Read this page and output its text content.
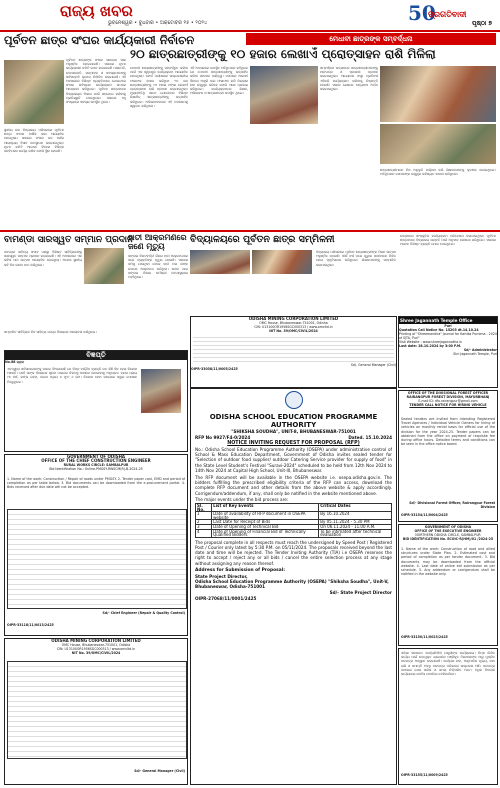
ରାଜ୍ୟ ଖବର
ଭୁବନେଶ୍ୱର • ବୁଧବାର • ଅକ୍ଟୋବର ୧୫ • ୨୦୨୪	50
ପ୍ରଗତିବାଦୀ
ପୃଷ୍ଠା ୭
ପୂର୍ବତନ ଛାତ୍ର ସଂଘର କାର୍ଯ୍ୟକାରୀ ନିର୍ବାଚନ
ପୂର୍ବତନ ଛାତ୍ରଙ୍କ ସଂଘର ସାଧାରଣ ସଭା ଅନୁଷ୍ଠିତ ହୋଇଯାଇଛି। ସଭାରେ ନୂତନ କାର୍ଯ୍ୟକାରୀ କମିଟି ଗଠନ କରାଯାଇଛି। ସଭାପତି, ଉପସଭାପତି, ସମ୍ପାଦକ ଓ ସଦସ୍ୟମାନଙ୍କୁ ସର୍ବସମ୍ମତି କ୍ରମେ ନିର୍ବାଚିତ କରାଯାଇଛି। ଏହି ଅବସରରେ ବିଶିଷ୍ଟ ବ୍ୟକ୍ତିମାନେ ଯୋଗଦେଇ ସଂଘର ଭବିଷ୍ୟତ କାର୍ଯ୍ୟକ୍ରମ ଉପରେ ଆଲୋଚନା କରିଥିଲେ। ପୂର୍ବତନ ଛାତ୍ରମାନେ ବିଦ୍ୟାଳୟର ବିକାଶ ପାଇଁ ସହଯୋଗ କରିବାକୁ ପ୍ରତିଶ୍ରୁତି ଦେଇଥିଲେ। ସଭାରେ ବହୁ ସଂଖ୍ୟାରେ ସଦସ୍ୟ ଉପସ୍ଥିତ ଥିଲେ।
ସ୍ଥାନୀୟ ଉଚ୍ଚ ବିଦ୍ୟାଳୟ ପରିସରରେ ପୂର୍ବତନ ଛାତ୍ର ସଂଘର ବାର୍ଷିକ ସଭା ଆୟୋଜିତ ହୋଇଥିଲା। ସଭାରେ ସଂଘର ଗତ ବର୍ଷର ଆୟବ୍ୟୟ ହିସାବ ଉପସ୍ଥାପନ କରାଯାଇଥିଲା। ନୂତନ କମିଟି ଆଗାମୀ ଦିନରେ ବିଭିନ୍ନ ଜନହିତକର କାର୍ଯ୍ୟ କରିବ ବୋଲି ସ୍ଥିର ହୋଇଛି।
ମେଧାବୀ ଛାତ୍ରଙ୍କ ସମ୍ବର୍ଦ୍ଧନା
୨୦ ଛାତ୍ରଛାତ୍ରୀଙ୍କୁ ୧୦ ହଜାର ଲେଖାଏଁ ପ୍ରୋତ୍ସାହନ ରାଶି ମିଳିଲା
ମେଧାବୀ ଛାତ୍ରଛାତ୍ରୀଙ୍କୁ ସମ୍ବର୍ଦ୍ଧିତ କରିବା ପାଇଁ ଏକ ସ୍ୱତନ୍ତ୍ର କାର୍ଯ୍ୟକ୍ରମ ଆୟୋଜିତ ହୋଇଥିଲା। ବୋର୍ଡ ପରୀକ୍ଷାରେ ଉଲ୍ଲେଖନୀୟ ଫଳାଫଳ ହାସଲ କରିଥିବା ୨୦ ଜଣ ଛାତ୍ରଛାତ୍ରୀଙ୍କୁ ୧୦ ହଜାର ଟଙ୍କା ଲେଖାଏଁ ପ୍ରୋତ୍ସାହନ ରାଶି ପ୍ରଦାନ କରାଯାଇଥିଲା। ମୁଖ୍ୟଅତିଥି ଭାବେ ଯୋଗଦେଇ ବିଶିଷ୍ଟ ଶିକ୍ଷାବିତ୍ ଛାତ୍ରଛାତ୍ରୀଙ୍କୁ ଉତ୍ସାହିତ କରିଥିଲେ। ଅଭିଭାବକମାନେ ଏହି ପଦକ୍ଷେପକୁ ସ୍ୱାଗତ କରିଥିଲେ।
ଏହି ଅବସରରେ ଉପସ୍ଥିତ ଅତିଥିମାନେ କହିଥିଲେ ଯେ ମେଧାବୀ ଛାତ୍ରଛାତ୍ରୀଙ୍କୁ ଉତ୍ସାହିତ କରିବା ସମାଜର ଦାୟିତ୍ୱ। ସେମାନେ ଆଗାମୀ ଦିନରେ ଆହୁରି ଭଲ ଫଳାଫଳ କରି ଜିଲ୍ଲାର ନାମ ଉଜ୍ଜ୍ୱଳ କରିବେ ବୋଲି ଆଶା ପ୍ରକାଶ କରିଥିଲେ। କାର୍ଯ୍ୟକ୍ରମରେ ଶିକ୍ଷକ, ଅଭିଭାବକ ଓ ଛାତ୍ରଛାତ୍ରୀ ଉପସ୍ଥିତ ଥିଲେ।
ସମ୍ବର୍ଦ୍ଧନା ଉତ୍ସବରେ ଛାତ୍ରଛାତ୍ରୀମାନଙ୍କୁ ମାନପତ୍ର ଓ ସ୍ମାରକୀ ପ୍ରଦାନ କରାଯାଇଥିଲା। ଆୟୋଜକ ସଂସ୍ଥା ପ୍ରତିବର୍ଷ ଏହିଭଳି କାର୍ଯ୍ୟକ୍ରମ କରିବାକୁ ନିଷ୍ପତ୍ତି ନେଇଛି। ସଭାର ଶେଷରେ ଧନ୍ୟବାଦ ଅର୍ପଣ କରାଯାଇଥିଲା।
ଛାତ୍ରଛାତ୍ରୀମାନେ ନିଜ ଅନୁଭୂତି ବର୍ଣ୍ଣନା କରି ଶିକ୍ଷକମାନଙ୍କୁ କୃତଜ୍ଞତା ଜଣାଇଥିଲେ। ଅତିଥିମାନେ ସେମାନଙ୍କ ଉଜ୍ଜ୍ୱଳ ଭବିଷ୍ୟତ କାମନା କରିଥିଲେ।
ବାମଣ୍ଡା ସାରସ୍ୱତ ସମ୍ମାନ ପ୍ରଦାନ
ବାମଣ୍ଡା ସାହିତ୍ୟ ସଂସଦ ପକ୍ଷରୁ ବିଶିଷ୍ଟ ସାହିତ୍ୟିକଙ୍କୁ ସାରସ୍ୱତ ସମ୍ମାନ ପ୍ରଦାନ କରାଯାଇଛି। ଏହି ଅବସରରେ ଏକ କବିତା ପାଠ ଉତ୍ସବ ଆୟୋଜିତ ହୋଇଥିଲା। ଅନେକ ସ୍ଥାନୀୟ କବି ନିଜ ରଚନା ପାଠ କରିଥିଲେ।
ସମ୍ମାନିତ ସାହିତ୍ୟିକ ନିଜ ସାହିତ୍ୟ ଯାତ୍ରା ବିଷୟରେ ଆଲୋଚନା କରିଥିଲେ।
ହାତୀ ଆକ୍ରମଣରେ ଜଣେ ମୃତ୍ୟୁ
ଜଙ୍ଗଲ ନିକଟବର୍ତ୍ତୀ ଗାଁରେ ହାତୀ ଆକ୍ରମଣରେ ଜଣେ ବ୍ୟକ୍ତିଙ୍କ ମୃତ୍ୟୁ ହୋଇଛି। ସକାଳେ ଜମିକୁ ଯାଉଥିବା ବେଳେ ହାତୀ ପଲ ତାଙ୍କ ଉପରେ ଆକ୍ରମଣ କରିଥିଲା। ଖବର ପାଇ ଜଙ୍ଗଲ ବିଭାଗ କର୍ମଚାରୀ ଘଟଣାସ୍ଥଳରେ ପହଞ୍ଚିଥିଲେ।
ବିଦ୍ୟାଳୟରେ ପୂର୍ବତନ ଛାତ୍ର ସମ୍ମିଳନୀ
ବିଦ୍ୟାଳୟ ପରିସରରେ ପୂର୍ବତନ ଛାତ୍ରଛାତ୍ରୀଙ୍କ ମିଳନ ଉତ୍ସବ ଅନୁଷ୍ଠିତ ହୋଇଛି। ଦୀର୍ଘ ବର୍ଷ ପରେ ପୁରୁଣା ସାଥୀମାନେ ମିଳିତ ହୋଇ ସ୍ମୃତିଚାରଣ କରିଥିଲେ। ଶିକ୍ଷକମାନଙ୍କୁ ସମ୍ମାନିତ କରାଯାଇଥିଲା।
ଉତ୍ସବରେ ସାଂସ୍କୃତିକ କାର୍ଯ୍ୟକ୍ରମ ପରିବେଷଣ କରାଯାଇଥିଲା। ପୂର୍ବତନ ଛାତ୍ରମାନେ ବିଦ୍ୟାଳୟ ଉନ୍ନତି ପାଇଁ ଅନୁଦାନ ଘୋଷଣା କରିଥିଲେ। ସଭାରେ ଅନେକ ବିଶିଷ୍ଟ ବ୍ୟକ୍ତି ଯୋଗ ଦେଇଥିଲେ।
ODISHA MINING CORPORATION LIMITED
OMC House, Bhubaneswar-751001, Odisha
CIN: U13100OR1956SGC000313 / www.omcltd.in
NIT No. 39/OMC/CIVIL/2024
Sd/- General Manager (Civil)
OIPR-33038/11/0005/2425
Shree Jagannath Temple Office
Puri
Quotation Call Notice No. 15203 dt.14.10.24
Printing of "Shreemandira" Journal for Kartika Purnima - 2024 of SJTA, Puri"
Visit Website : www.shreejagannatha.in
Last date: 28.10.2024 by 3:00 P.M.
Sd/- Administrator
Shri Jagannath Temple, Puri
ବିଜ୍ଞପ୍ତି
No.88 ଗ୍ରାମ
ଏତଦ୍ୱାରା ସର୍ବସାଧାରଣଙ୍କୁ ଜଣାଇ ଦିଆଯାଉଛି ଯେ ନିମ୍ନ ବର୍ଣ୍ଣିତ ବ୍ୟକ୍ତି ଗତ କିଛି ଦିନ ହେଲା ନିଖୋଜ ଅଛନ୍ତି। କେହି ତାଙ୍କ ବିଷୟରେ ସୂଚନା ପାଇଲେ ନିକଟସ୍ଥ ଥାନାରେ ଜଣାଇବାକୁ ଅନୁରୋଧ। ବୟସ ପ୍ରାୟ ୧୫ ବର୍ଷ, ରଙ୍ଗ ଗହମ, ଉଚ୍ଚତା ପ୍ରାୟ ୪ ଫୁଟ ୬ ଇଞ୍ଚ। ନିଖୋଜ ହେବା ସମୟରେ ସ୍କୁଲ ପୋଷାକ ପିନ୍ଧିଥିଲେ।
ODISHA SCHOOL EDUCATION PROGRAMME AUTHORITY
"SHIKSHA SOUDHA", UNIT-8, BHUBANESWAR-751001
RFP No 9927/F4-0/2024	Dated. 15.10.2024
NOTICE INVITING REQUEST FOR PROPOSAL (RFP)
No.: Odisha School Education Programme Authority (OSEPA) under administrative control of School & Mass Education Department, Government of Odisha invites sealed tender for "Selection of outdoor food supplier/ outdoor Catering Service provider for supply of food" in the State Level Student's Festival "Suravi-2024" scheduled to be held from 12th Nov 2024 to 14th Nov 2024 at Capital High School, Unit-III, Bhubaneswar.
The RFP document will be available in the OSEPA website i.e. osepa.odisha.gov.in. The bidders fulfilling the prescribed eligibility criteria of the RFP can access, download the complete RFP document and other details from the above website & apply accordingly. Corrigendum/addendum, if any, shall only be notified in the website mentioned above.
The major events under the bid process are:
Sl. No.	List of Key Events	Critical Dates
1	Date of availability of RFP document in OSEPA website	By 16.10.2024
2	Last Date for Receipt of Bids	By 05.11.2024 - 5.30 PM
3	Date of Opening of Technical Bid	On 06.11.2024 - 11.00 A.M.
4	Date of Opening of Financial Bid of Technically Qualified Bidders	To be intimated after technical evaluation
The proposal complete in all respects must reach the undersigned by Speed Post / Registered Post / Courier only latest by 5:30 P.M. on 05/11/2024. The proposals received beyond the last date and time will be rejected. The Tender Inviting Authority (TIA) i.e OSEPA reserves the right to accept / reject any or all bids / cancel the entire selection process at any stage without assigning any reason thereof.
Address for Submission of Proposal:
State Project Director,
Odisha School Education Programme Authority (OSEPA) "Shiksha Soudha", Unit-V, Bhubaneswar, Odisha-751001
Sd/- State Project Director
OIPR-27068/11/0001/2425
OFFICE OF THE DIVISIONAL FOREST OFFICER
RAIRANGPUR FOREST DIVISION, MAYURBHANJ
E-mail ID: dfo.rairangpur@gmail.com
TENDER CALL NOTICE FOR HIRING VEHICLE
Sealed tenders are invited from intending Registered Travel Agencies / Individual Vehicle Owners for hiring of vehicles on monthly rental basis for official use of the division for the year 2024-25. Tender papers can be obtained from the office on payment of requisite fee during office hours. Detailed terms and conditions can be seen in the office notice board.
Sd/- Divisional Forest Officer, Rairangpur Forest Division
OIPR-33154/11/0004/2425
GOVERNMENT OF ODISHA
OFFICE OF THE EXECUTIVE ENGINEER
NORTHERN ODISHA CIRCLE, SAMBALPUR
BID IDENTIFICATION No. ECOIC-R(HM)/01 /2024-25
1. Name of the work: Construction of road and allied structures under State Plan. 2. Estimated cost and period of completion as per tender document. 3. Bid documents may be downloaded from the official website. 4. Last date of online bid submission as per schedule. 5. Any addendum or corrigendum shall be notified in the website only.
OIPR-33150/11/0023/2425
ଓଡ଼ିଶା ସରକାର। କାର୍ଯ୍ୟନିର୍ବାହୀ ଯନ୍ତ୍ରୀଙ୍କ କାର୍ଯ୍ୟାଳୟ। ନିମ୍ନ ଲିଖିତ କାର୍ଯ୍ୟ ପାଇଁ ଉପଯୁକ୍ତ ଶ୍ରେଣୀର ପଞ୍ଜିକୃତ ଠିକାଦାରଙ୍କ ଠାରୁ ମୁଦ୍ରିତ ଦରପତ୍ର ଆହ୍ୱାନ କରାଯାଉଛି। କାର୍ଯ୍ୟର ନାମ, ଆନୁମାନିକ ମୂଲ୍ୟ, ଜମା ରାଶି ଓ ସମାପ୍ତି ଅବଧି ଦରପତ୍ର ଦଲିଲରେ ଉଲ୍ଲେଖ ଅଛି। ଦରପତ୍ର ଦାଖଲର ଶେଷ ତାରିଖ ଓ ସମୟ ନିର୍ଦ୍ଧାରିତ ଅଟେ। ଅଧିକ ବିବରଣୀ କାର୍ଯ୍ୟାଳୟ ନୋଟିସ ବୋର୍ଡରେ ଦେଖିପାରିବେ।
OIPR-33155/11/0009/2425
GOVERNMENT OF ODISHA
OFFICE OF THE CHIEF CONSTRUCTION ENGINEER
RURAL WORKS CIRCLE: SAMBALPUR
Bid Identification No.: Online-PMGSY-RWSCM(R)-B-2024-25
1. Name of the work: Construction / Repair of roads under PMGSY. 2. Tender paper cost, EMD and period of completion as per table below. 3. Bid documents can be downloaded from the e-procurement portal. 4. Bids received after due date will not be accepted.
Sd/- Chief Engineer (Repair & Quality Control)
OIPR-33118/11/0013/2425
ODISHA MINING CORPORATION LIMITED
OMC House, Bhubaneswar-751001, Odisha
CIN: U13100OR1956SGC000313 / www.omcltd.in
NIT No. 39/OMC/CIVIL/2024
Sd/- General Manager (Civil)
